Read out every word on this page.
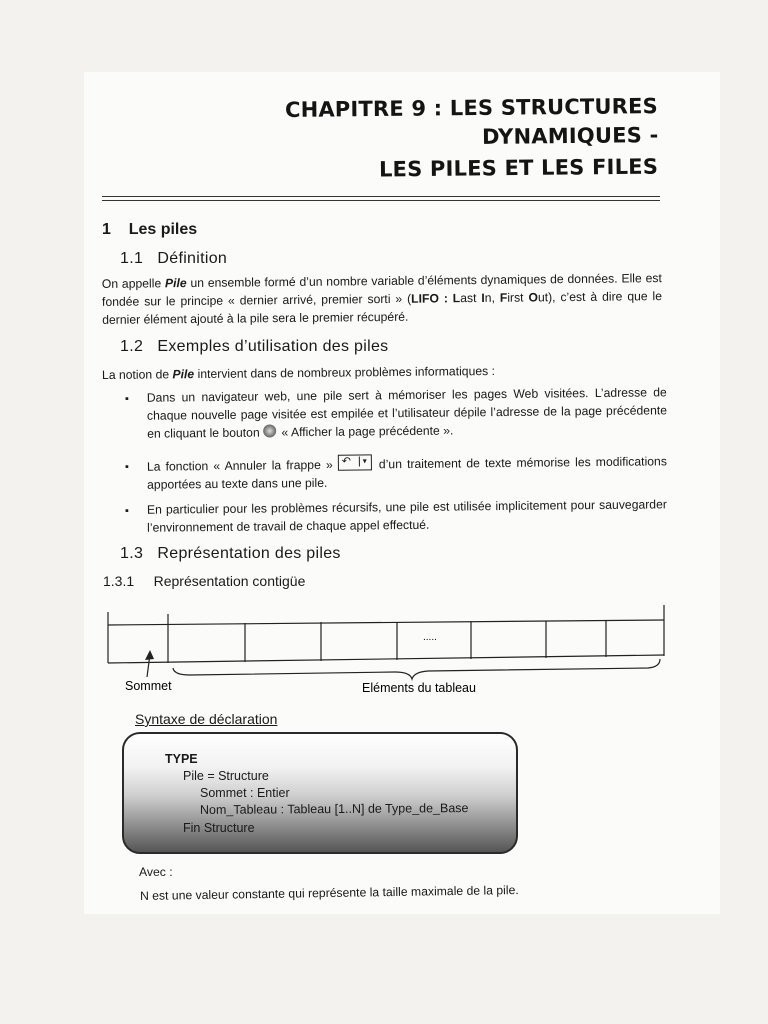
CHAPITRE 9 : LES STRUCTURES
DYNAMIQUES -
LES PILES ET LES FILES
1 Les piles
1.1 Définition
On appelle Pile un ensemble formé d’un nombre variable d’éléments dynamiques de données. Elle est fondée sur le principe « dernier arrivé, premier sorti » (LIFO : Last In, First Out), c’est à dire que le dernier élément ajouté à la pile sera le premier récupéré.
1.2 Exemples d’utilisation des piles
La notion de Pile intervient dans de nombreux problèmes informatiques :
▪ Dans un navigateur web, une pile sert à mémoriser les pages Web visitées. L’adresse de chaque nouvelle page visitée est empilée et l’utilisateur dépile l’adresse de la page précédente en cliquant le bouton  « Afficher la page précédente ».
▪ La fonction « Annuler la frappe » ↶	▾ d’un traitement de texte mémorise les modifications apportées au texte dans une pile.
▪ En particulier pour les problèmes récursifs, une pile est utilisée implicitement pour sauvegarder l’environnement de travail de chaque appel effectué.
1.3 Représentation des piles
1.3.1 Représentation contigüe
.....
Sommet	Eléments du tableau
Syntaxe de déclaration
TYPE
Pile = Structure
Sommet : Entier
Nom_Tableau : Tableau [1..N] de Type_de_Base
Fin Structure
Avec :
N est une valeur constante qui représente la taille maximale de la pile.
